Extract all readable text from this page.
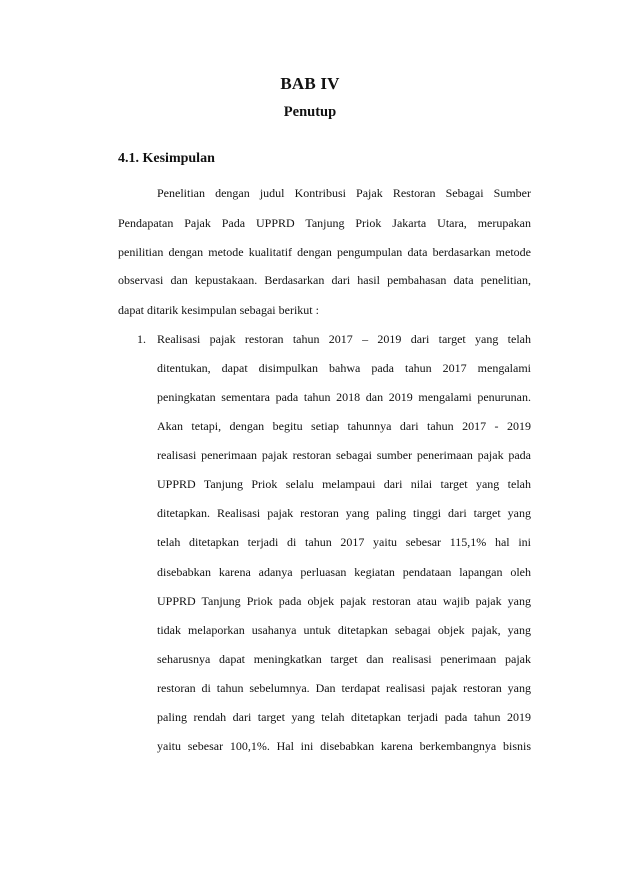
BAB IV
Penutup
4.1. Kesimpulan
Penelitian dengan judul Kontribusi Pajak Restoran Sebagai Sumber
Pendapatan Pajak Pada UPPRD Tanjung Priok Jakarta Utara, merupakan
penilitian dengan metode kualitatif dengan pengumpulan data berdasarkan metode
observasi dan kepustakaan. Berdasarkan dari hasil pembahasan data penelitian,
dapat ditarik kesimpulan sebagai berikut :
1. Realisasi pajak restoran tahun 2017 – 2019 dari target yang telah
ditentukan, dapat disimpulkan bahwa pada tahun 2017 mengalami
peningkatan sementara pada tahun 2018 dan 2019 mengalami penurunan.
Akan tetapi, dengan begitu setiap tahunnya dari tahun 2017 - 2019
realisasi penerimaan pajak restoran sebagai sumber penerimaan pajak pada
UPPRD Tanjung Priok selalu melampaui dari nilai target yang telah
ditetapkan. Realisasi pajak restoran yang paling tinggi dari target yang
telah ditetapkan terjadi di tahun 2017 yaitu sebesar 115,1% hal ini
disebabkan karena adanya perluasan kegiatan pendataan lapangan oleh
UPPRD Tanjung Priok pada objek pajak restoran atau wajib pajak yang
tidak melaporkan usahanya untuk ditetapkan sebagai objek pajak, yang
seharusnya dapat meningkatkan target dan realisasi penerimaan pajak
restoran di tahun sebelumnya. Dan terdapat realisasi pajak restoran yang
paling rendah dari target yang telah ditetapkan terjadi pada tahun 2019
yaitu sebesar 100,1%. Hal ini disebabkan karena berkembangnya bisnis
